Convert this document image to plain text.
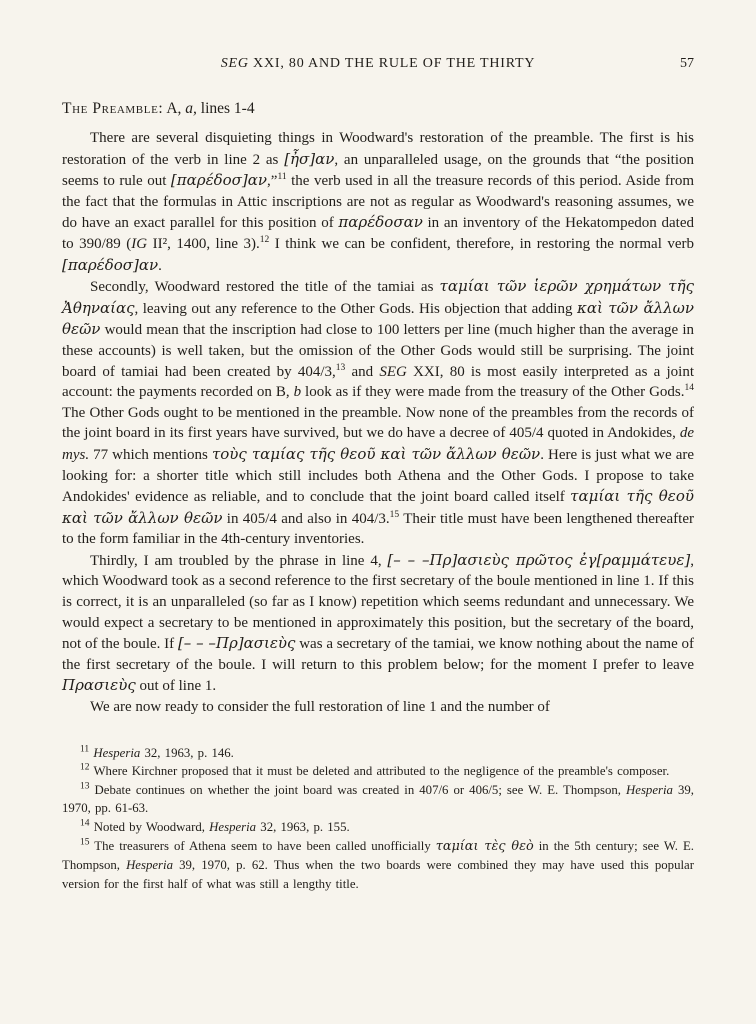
SEG XXI, 80 AND THE RULE OF THE THIRTY	57
The Preamble: A, a, lines 1-4

There are several disquieting things in Woodward's restoration of the preamble. The first is his restoration of the verb in line 2 as [ἦσ]αν, an unparalleled usage, on the grounds that “the position seems to rule out [παρέδοσ]αν,”$^{11}$ the verb used in all the treasure records of this period. Aside from the fact that the formulas in Attic inscriptions are not as regular as Woodward's reasoning assumes, we do have an exact parallel for this position of παρέδοσαν in an inventory of the Hekatompedon dated to 390/89 (IG II², 1400, line 3).$^{12}$ I think we can be confident, therefore, in restoring the normal verb [παρέδοσ]αν.

Secondly, Woodward restored the title of the tamiai as ταμίαι τῶν ἱερῶν χρημάτων τῆς Ἀθηναίας, leaving out any reference to the Other Gods. His objection that adding καὶ τῶν ἄλλων θεῶν would mean that the inscription had close to 100 letters per line (much higher than the average in these accounts) is well taken, but the omission of the Other Gods would still be surprising. The joint board of tamiai had been created by 404/3,13 and SEG XXI, 80 is most easily interpreted as a joint account: the payments recorded on B, b look as if they were made from the treasury of the Other Gods.$^{14}$ The Other Gods ought to be mentioned in the preamble. Now none of the preambles from the records of the joint board in its first years have survived, but we do have a decree of 405/4 quoted in Andokides, de mys. 77 which mentions τοὺς ταμίας τῆς θεοῦ καὶ τῶν ἄλλων θεῶν. Here is just what we are looking for: a shorter title which still includes both Athena and the Other Gods. I propose to take Andokides' evidence as reliable, and to conclude that the joint board called itself ταμίαι τῆς θεοῦ καὶ τῶν ἄλλων θεῶν in 405/4 and also in 404/3.15 Their title must have been lengthened thereafter to the form familiar in the 4th-century inventories.

Thirdly, I am troubled by the phrase in line 4, [– – –Πρ]ασιεὺς πρῶτος ἐγ[ραμμάτευε], which Woodward took as a second reference to the first secretary of the boule mentioned in line 1. If this is correct, it is an unparalleled (so far as I know) repetition which seems redundant and unnecessary. We would expect a secretary to be mentioned in approximately this position, but the secretary of the board, not of the boule. If [– – –Πρ]ασιεὺς was a secretary of the tamiai, we know nothing about the name of the first secretary of the boule. I will return to this problem below; for the moment I prefer to leave Πρασιεὺς out of line 1.

We are now ready to consider the full restoration of line 1 and the number of

$^{11}$ Hesperia 32, 1963, p. 146.

$^{12}$ Where Kirchner proposed that it must be deleted and attributed to the negligence of the preamble's composer.

$^{13}$ Debate continues on whether the joint board was created in 407/6 or 406/5; see W. E. Thompson, Hesperia 39, 1970, pp. 61-63.

$^{14}$ Noted by Woodward, Hesperia 32, 1963, p. 155.

$^{15}$ The treasurers of Athena seem to have been called unofficially ταμίαι τὲς θεὸ in the 5th century; see W. E. Thompson, Hesperia 39, 1970, p. 62. Thus when the two boards were combined they may have used this popular version for the first half of what was still a lengthy title.
